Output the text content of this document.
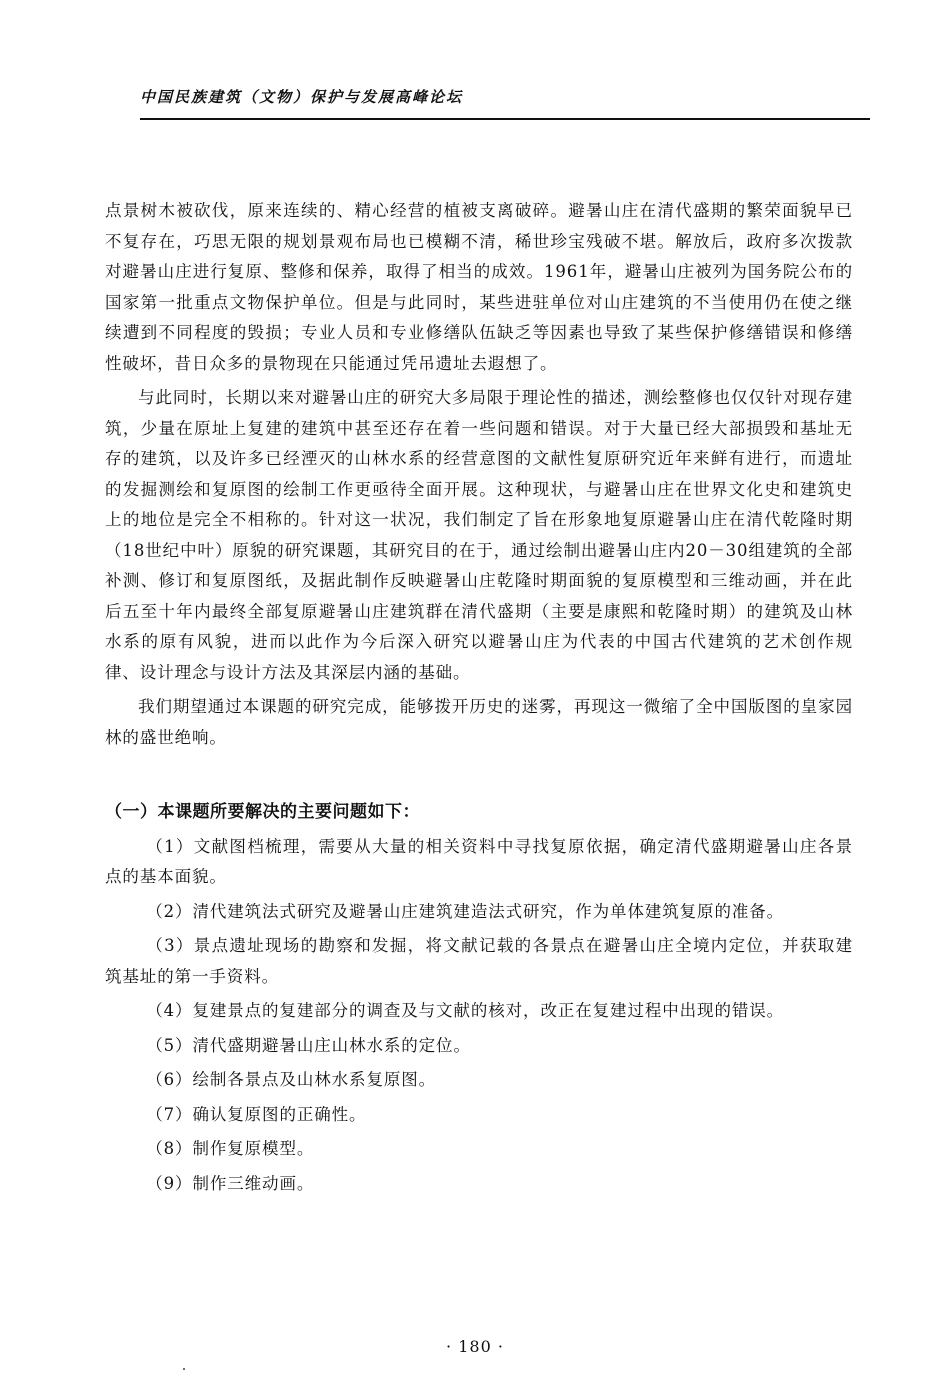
中国民族建筑（文物）保护与发展高峰论坛

点景树木被砍伐，原来连续的、精心经营的植被支离破碎。避暑山庄在清代盛期的繁荣面貌早已不复存在，巧思无限的规划景观布局也已模糊不清，稀世珍宝残破不堪。解放后，政府多次拨款对避暑山庄进行复原、整修和保养，取得了相当的成效。1961年，避暑山庄被列为国务院公布的国家第一批重点文物保护单位。但是与此同时，某些进驻单位对山庄建筑的不当使用仍在使之继续遭到不同程度的毁损；专业人员和专业修缮队伍缺乏等因素也导致了某些保护修缮错误和修缮性破坏，昔日众多的景物现在只能通过凭吊遗址去遐想了。

与此同时，长期以来对避暑山庄的研究大多局限于理论性的描述，测绘整修也仅仅针对现存建筑，少量在原址上复建的建筑中甚至还存在着一些问题和错误。对于大量已经大部损毁和基址无存的建筑，以及许多已经湮灭的山林水系的经营意图的文献性复原研究近年来鲜有进行，而遗址的发掘测绘和复原图的绘制工作更亟待全面开展。这种现状，与避暑山庄在世界文化史和建筑史上的地位是完全不相称的。针对这一状况，我们制定了旨在形象地复原避暑山庄在清代乾隆时期（18世纪中叶）原貌的研究课题，其研究目的在于，通过绘制出避暑山庄内20－30组建筑的全部补测、修订和复原图纸，及据此制作反映避暑山庄乾隆时期面貌的复原模型和三维动画，并在此后五至十年内最终全部复原避暑山庄建筑群在清代盛期（主要是康熙和乾隆时期）的建筑及山林水系的原有风貌，进而以此作为今后深入研究以避暑山庄为代表的中国古代建筑的艺术创作规律、设计理念与设计方法及其深层内涵的基础。

我们期望通过本课题的研究完成，能够拨开历史的迷雾，再现这一微缩了全中国版图的皇家园林的盛世绝响。

（一）本课题所要解决的主要问题如下：

（1）文献图档梳理，需要从大量的相关资料中寻找复原依据，确定清代盛期避暑山庄各景点的基本面貌。

（2）清代建筑法式研究及避暑山庄建筑建造法式研究，作为单体建筑复原的准备。

（3）景点遗址现场的勘察和发掘，将文献记载的各景点在避暑山庄全境内定位，并获取建筑基址的第一手资料。

（4）复建景点的复建部分的调查及与文献的核对，改正在复建过程中出现的错误。

（5）清代盛期避暑山庄山林水系的定位。

（6）绘制各景点及山林水系复原图。

（7）确认复原图的正确性。

（8）制作复原模型。

（9）制作三维动画。

· 180 ·
